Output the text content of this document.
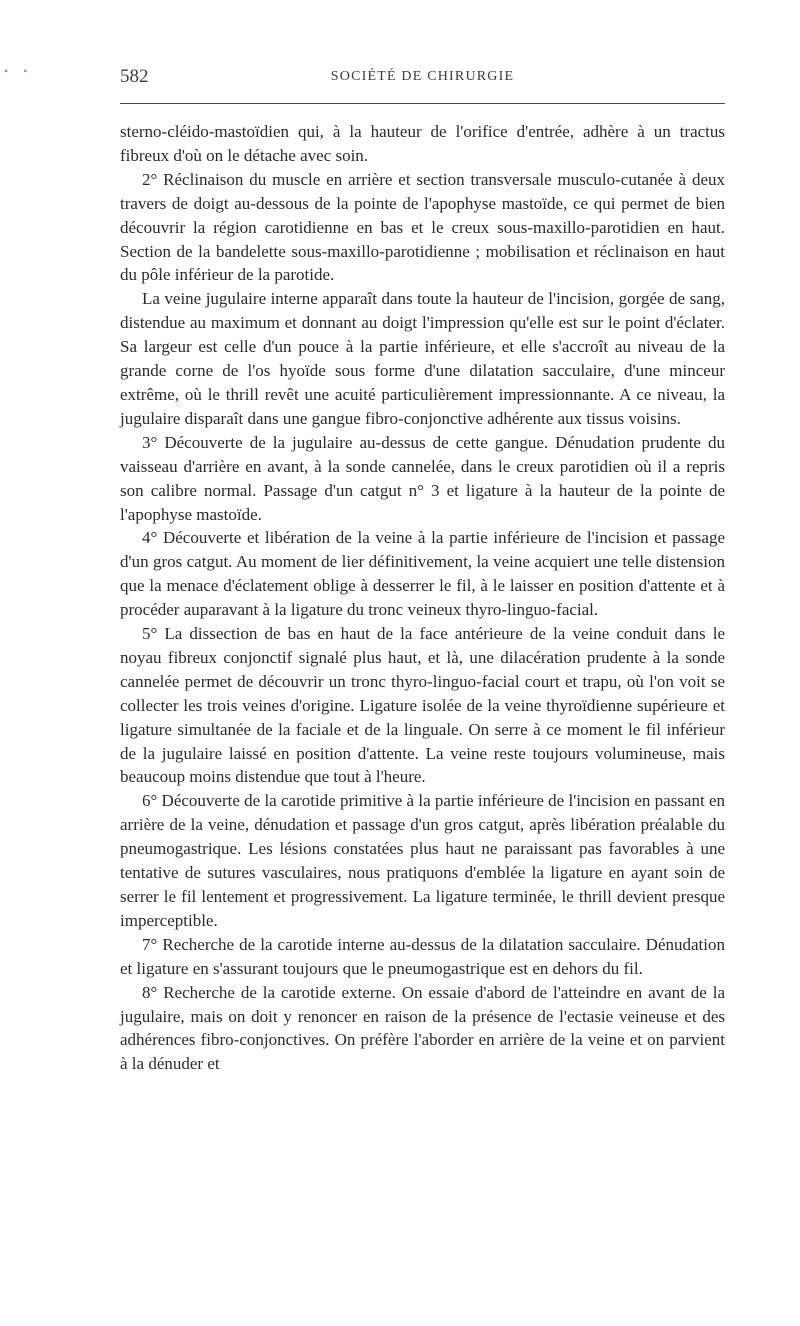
• •	582	SOCIÉTÉ DE CHIRURGIE

sterno-cléido-mastoïdien qui, à la hauteur de l'orifice d'entrée, adhère à un tractus fibreux d'où on le détache avec soin.

2° Réclinaison du muscle en arrière et section transversale musculo-cutanée à deux travers de doigt au-dessous de la pointe de l'apophyse mastoïde, ce qui permet de bien découvrir la région carotidienne en bas et le creux sous-maxillo-parotidien en haut. Section de la bandelette sous-maxillo-parotidienne ; mobilisation et réclinaison en haut du pôle inférieur de la parotide.

La veine jugulaire interne apparaît dans toute la hauteur de l'incision, gorgée de sang, distendue au maximum et donnant au doigt l'impression qu'elle est sur le point d'éclater. Sa largeur est celle d'un pouce à la partie inférieure, et elle s'accroît au niveau de la grande corne de l'os hyoïde sous forme d'une dilatation sacculaire, d'une minceur extrême, où le thrill revêt une acuité particulièrement impressionnante. A ce niveau, la jugulaire disparaît dans une gangue fibro-conjonctive adhérente aux tissus voisins.

3° Découverte de la jugulaire au-dessus de cette gangue. Dénudation prudente du vaisseau d'arrière en avant, à la sonde cannelée, dans le creux parotidien où il a repris son calibre normal. Passage d'un catgut n° 3 et ligature à la hauteur de la pointe de l'apophyse mastoïde.

4° Découverte et libération de la veine à la partie inférieure de l'incision et passage d'un gros catgut. Au moment de lier définitivement, la veine acquiert une telle distension que la menace d'éclatement oblige à desserrer le fil, à le laisser en position d'attente et à procéder auparavant à la ligature du tronc veineux thyro-linguo-facial.

5° La dissection de bas en haut de la face antérieure de la veine conduit dans le noyau fibreux conjonctif signalé plus haut, et là, une dilacération prudente à la sonde cannelée permet de découvrir un tronc thyro-linguo-facial court et trapu, où l'on voit se collecter les trois veines d'origine. Ligature isolée de la veine thyroïdienne supérieure et ligature simultanée de la faciale et de la linguale. On serre à ce moment le fil inférieur de la jugulaire laissé en position d'attente. La veine reste toujours volumineuse, mais beaucoup moins distendue que tout à l'heure.

6° Découverte de la carotide primitive à la partie inférieure de l'incision en passant en arrière de la veine, dénudation et passage d'un gros catgut, après libération préalable du pneumogastrique. Les lésions constatées plus haut ne paraissant pas favorables à une tentative de sutures vasculaires, nous pratiquons d'emblée la ligature en ayant soin de serrer le fil lentement et progressivement. La ligature terminée, le thrill devient presque imperceptible.

7° Recherche de la carotide interne au-dessus de la dilatation sacculaire. Dénudation et ligature en s'assurant toujours que le pneumogastrique est en dehors du fil.

8° Recherche de la carotide externe. On essaie d'abord de l'atteindre en avant de la jugulaire, mais on doit y renoncer en raison de la présence de l'ectasie veineuse et des adhérences fibro-conjonctives. On préfère l'aborder en arrière de la veine et on parvient à la dénuder et
